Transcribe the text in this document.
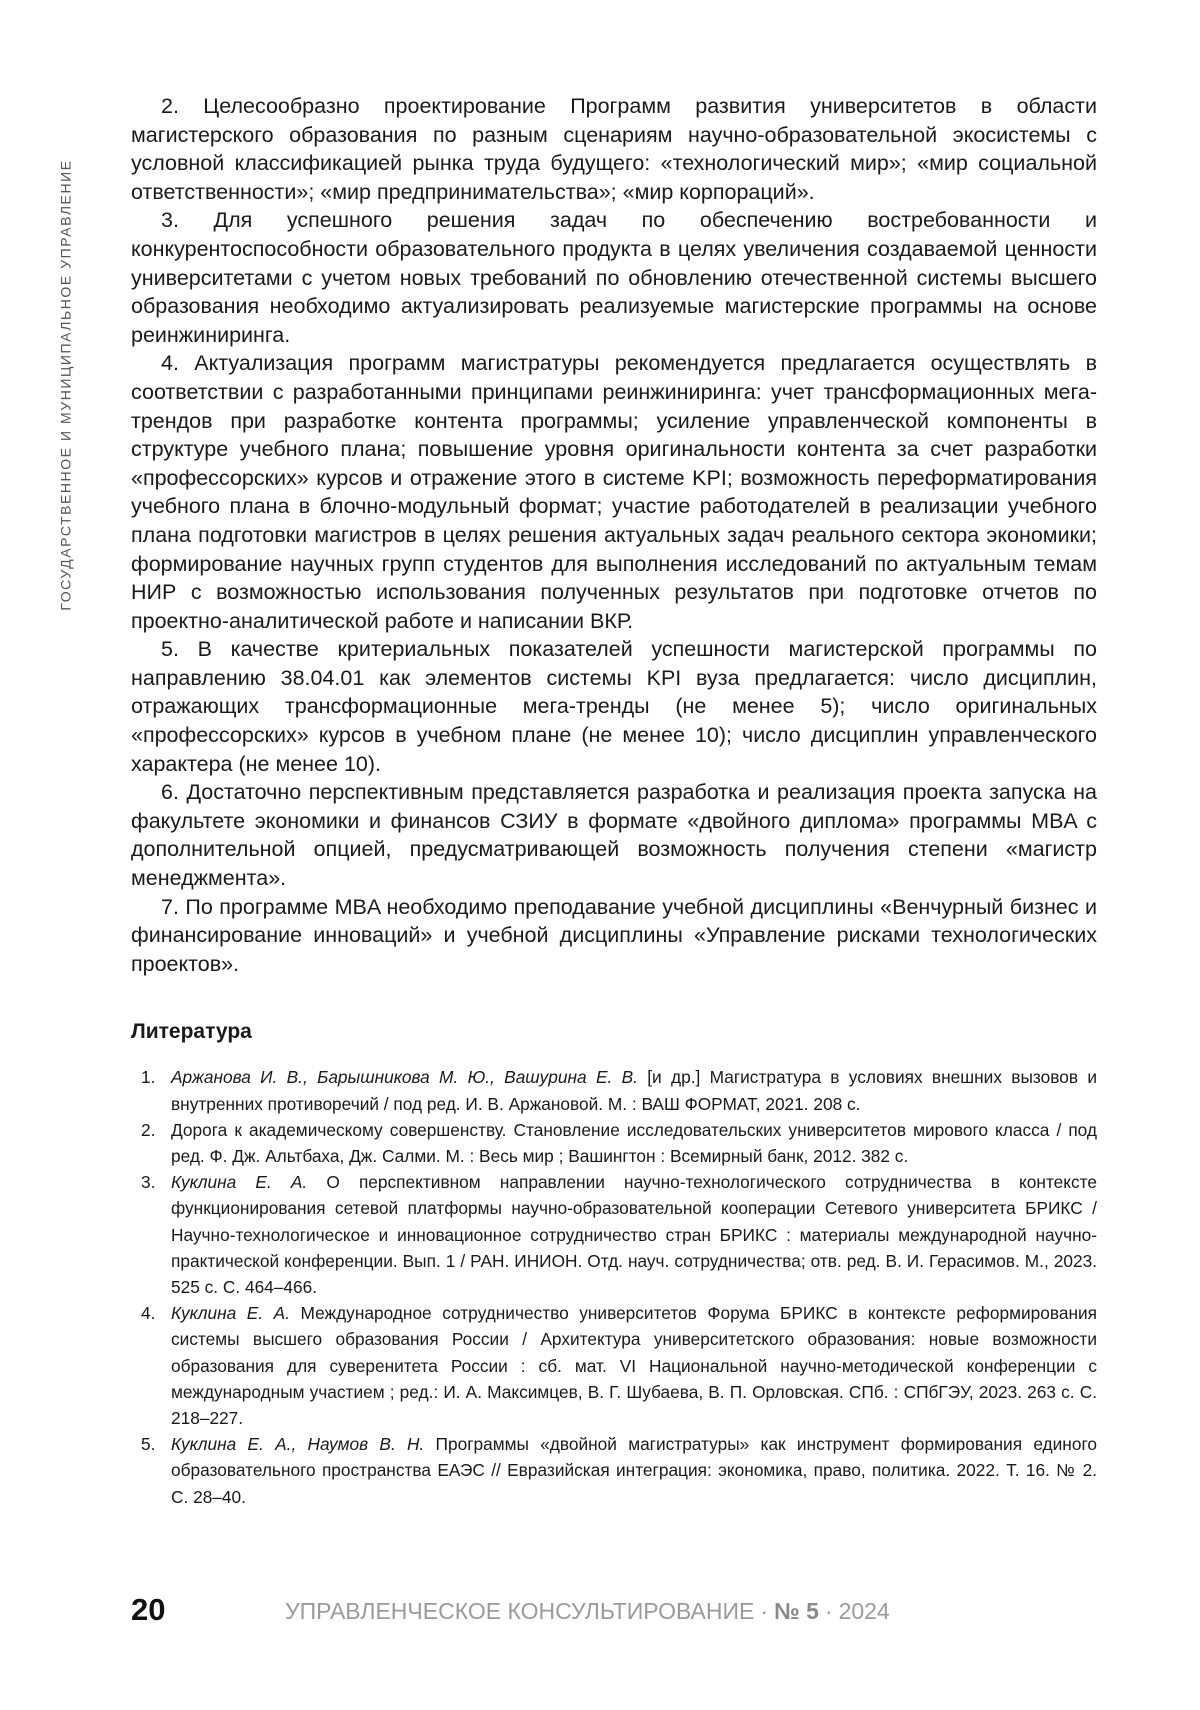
ГОСУДАРСТВЕННОЕ И МУНИЦИПАЛЬНОЕ УПРАВЛЕНИЕ

2. Целесообразно проектирование Программ развития университетов в области магистерского образования по разным сценариям научно-образовательной экосистемы с условной классификацией рынка труда будущего: «технологический мир»; «мир социальной ответственности»; «мир предпринимательства»; «мир корпораций».

3. Для успешного решения задач по обеспечению востребованности и конкурентоспособности образовательного продукта в целях увеличения создаваемой ценности университетами с учетом новых требований по обновлению отечественной системы высшего образования необходимо актуализировать реализуемые магистерские программы на основе реинжиниринга.

4. Актуализация программ магистратуры рекомендуется предлагается осуществлять в соответствии с разработанными принципами реинжиниринга: учет трансформационных мега-трендов при разработке контента программы; усиление управленческой компоненты в структуре учебного плана; повышение уровня оригинальности контента за счет разработки «профессорских» курсов и отражение этого в системе KPI; возможность переформатирования учебного плана в блочно-модульный формат; участие работодателей в реализации учебного плана подготовки магистров в целях решения актуальных задач реального сектора экономики; формирование научных групп студентов для выполнения исследований по актуальным темам НИР с возможностью использования полученных результатов при подготовке отчетов по проектно-аналитической работе и написании ВКР.

5. В качестве критериальных показателей успешности магистерской программы по направлению 38.04.01 как элементов системы KPI вуза предлагается: число дисциплин, отражающих трансформационные мега-тренды (не менее 5); число оригинальных «профессорских» курсов в учебном плане (не менее 10); число дисциплин управленческого характера (не менее 10).

6. Достаточно перспективным представляется разработка и реализация проекта запуска на факультете экономики и финансов СЗИУ в формате «двойного диплома» программы MBA с дополнительной опцией, предусматривающей возможность получения степени «магистр менеджмента».

7. По программе MBA необходимо преподавание учебной дисциплины «Венчурный бизнес и финансирование инноваций» и учебной дисциплины «Управление рисками технологических проектов».

Литература
1. Аржанова И. В., Барышникова М. Ю., Вашурина Е. В. [и др.] Магистратура в условиях внешних вызовов и внутренних противоречий / под ред. И. В. Аржановой. М. : ВАШ ФОРМАТ, 2021. 208 с.
2. Дорога к академическому совершенству. Становление исследовательских университетов мирового класса / под ред. Ф. Дж. Альтбаха, Дж. Салми. М. : Весь мир ; Вашингтон : Всемирный банк, 2012. 382 с.
3. Куклина Е. А. О перспективном направлении научно-технологического сотрудничества в контексте функционирования сетевой платформы научно-образовательной кооперации Сетевого университета БРИКС / Научно-технологическое и инновационное сотрудничество стран БРИКС : материалы международной научно-практической конференции. Вып. 1 / РАН. ИНИОН. Отд. науч. сотрудничества; отв. ред. В. И. Герасимов. М., 2023. 525 с. С. 464–466.
4. Куклина Е. А. Международное сотрудничество университетов Форума БРИКС в контексте реформирования системы высшего образования России / Архитектура университетского образования: новые возможности образования для суверенитета России : сб. мат. VI Национальной научно-методической конференции с международным участием ; ред.: И. А. Максимцев, В. Г. Шубаева, В. П. Орловская. СПб. : СПбГЭУ, 2023. 263 с. С. 218–227.
5. Куклина Е. А., Наумов В. Н. Программы «двойной магистратуры» как инструмент формирования единого образовательного пространства ЕАЭС // Евразийская интеграция: экономика, право, политика. 2022. Т. 16. № 2. С. 28–40.
20	УПРАВЛЕНЧЕСКОЕ КОНСУЛЬТИРОВАНИЕ · № 5 · 2024
